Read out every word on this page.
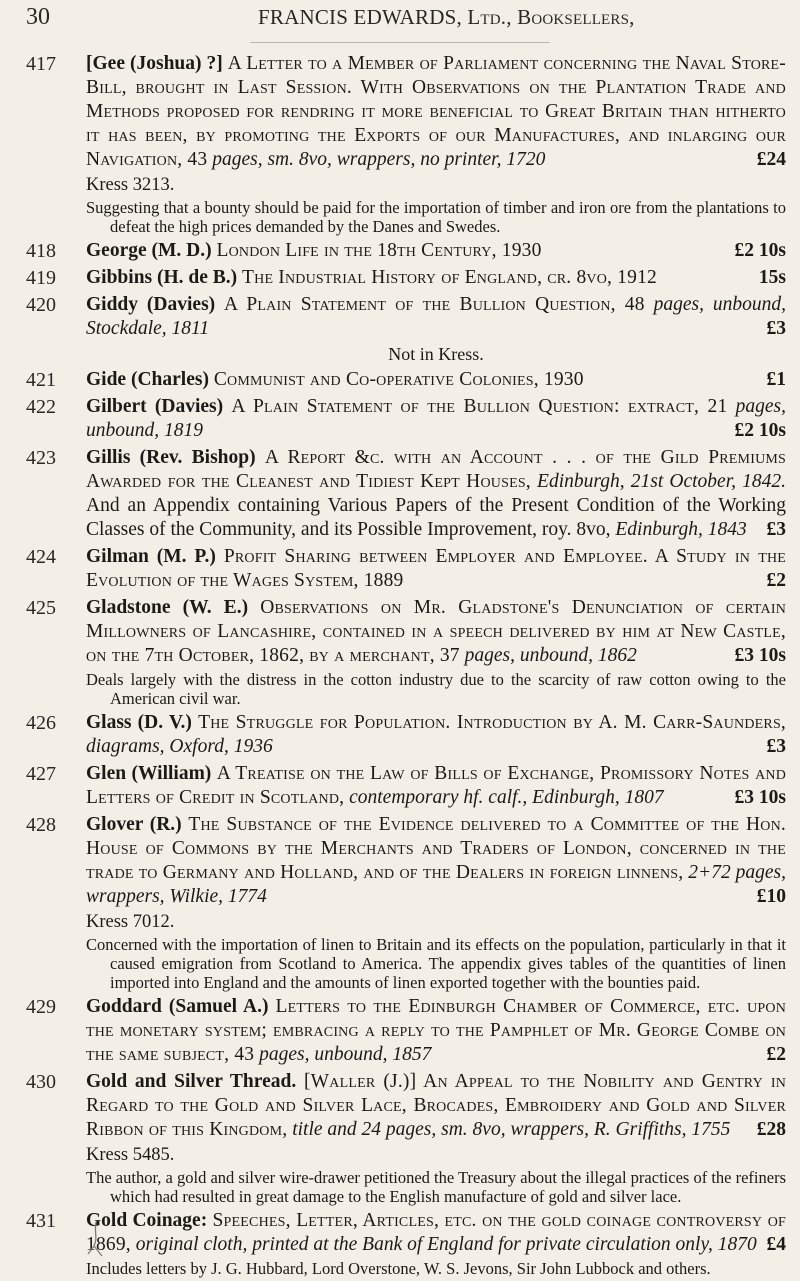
30	FRANCIS EDWARDS, Ltd., Booksellers,
417 [Gee (Joshua) ?] A Letter to a Member of Parliament concerning the Naval Store-Bill, brought in Last Session. With Observations on the Plantation Trade and Methods proposed for rendring it more beneficial to Great Britain than hitherto it has been, by promoting the Exports of our Manufactures, and inlarging our Navigation, 43 pages, sm. 8vo, wrappers, no printer, 1720	£24

Kress 3213.

Suggesting that a bounty should be paid for the importation of timber and iron ore from the plantations to defeat the high prices demanded by the Danes and Swedes.

418 George (M. D.) London Life in the 18th Century, 1930	£2 10s

419 Gibbins (H. de B.) The Industrial History of England, cr. 8vo, 1912	15s

420 Giddy (Davies) A Plain Statement of the Bullion Question, 48 pages, unbound, Stockdale, 1811	£3

Not in Kress.

421 Gide (Charles) Communist and Co-operative Colonies, 1930	£1

422 Gilbert (Davies) A Plain Statement of the Bullion Question: extract, 21 pages, unbound, 1819	£2 10s

423 Gillis (Rev. Bishop) A Report &c. with an Account . . . of the Gild Premiums Awarded for the Cleanest and Tidiest Kept Houses, Edinburgh, 21st October, 1842. And an Appendix containing Various Papers of the Present Condition of the Working Classes of the Community, and its Possible Improvement, roy. 8vo, Edinburgh, 1843	£3

424 Gilman (M. P.) Profit Sharing between Employer and Employee. A Study in the Evolution of the Wages System, 1889	£2

425 Gladstone (W. E.) Observations on Mr. Gladstone's Denunciation of certain Millowners of Lancashire, contained in a speech delivered by him at New Castle, on the 7th October, 1862, by a merchant, 37 pages, unbound, 1862	£3 10s

Deals largely with the distress in the cotton industry due to the scarcity of raw cotton owing to the American civil war.

426 Glass (D. V.) The Struggle for Population. Introduction by A. M. Carr-Saunders, diagrams, Oxford, 1936	£3

427 Glen (William) A Treatise on the Law of Bills of Exchange, Promissory Notes and Letters of Credit in Scotland, contemporary hf. calf., Edinburgh, 1807	£3 10s

428 Glover (R.) The Substance of the Evidence delivered to a Committee of the Hon. House of Commons by the Merchants and Traders of London, concerned in the trade to Germany and Holland, and of the Dealers in foreign linnens, 2+72 pages, wrappers, Wilkie, 1774	£10

Kress 7012.

Concerned with the importation of linen to Britain and its effects on the population, particularly in that it caused emigration from Scotland to America. The appendix gives tables of the quantities of linen imported into England and the amounts of linen exported together with the bounties paid.

429 Goddard (Samuel A.) Letters to the Edinburgh Chamber of Commerce, etc. upon the monetary system; embracing a reply to the Pamphlet of Mr. George Combe on the same subject, 43 pages, unbound, 1857	£2

430 Gold and Silver Thread. [Waller (J.)] An Appeal to the Nobility and Gentry in Regard to the Gold and Silver Lace, Brocades, Embroidery and Gold and Silver Ribbon of this Kingdom, title and 24 pages, sm. 8vo, wrappers, R. Griffiths, 1755	£28

Kress 5485.

The author, a gold and silver wire-drawer petitioned the Treasury about the illegal practices of the refiners which had resulted in great damage to the English manufacture of gold and silver lace.

431 Gold Coinage: Speeches, Letter, Articles, etc. on the gold coinage controversy of 1869, original cloth, printed at the Bank of England for private circulation only, 1870 £4

Includes letters by J. G. Hubbard, Lord Overstone, W. S. Jevons, Sir John Lubbock and others.
